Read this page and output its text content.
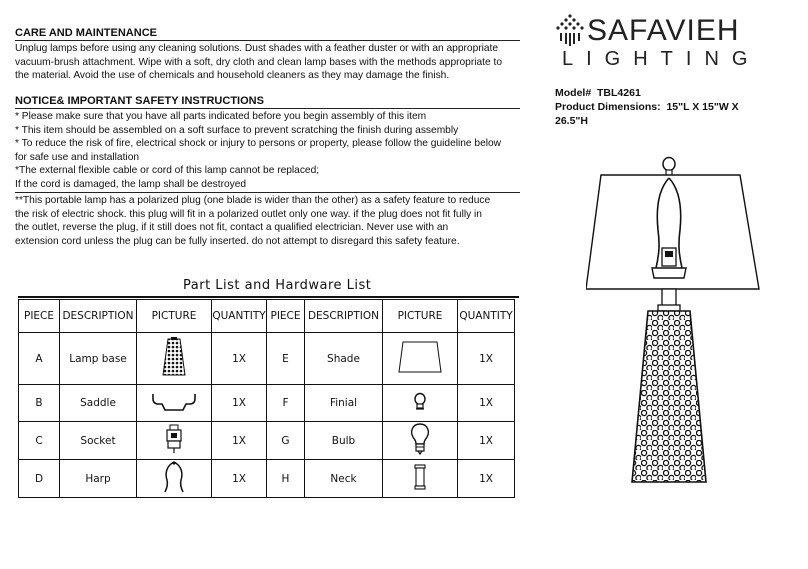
CARE AND MAINTENANCE
Unplug lamps before using any cleaning solutions. Dust shades with a feather duster or with an appropriate
vacuum-brush attachment. Wipe with a soft, dry cloth and clean lamp bases with the methods appropriate to
the material. Avoid the use of chemicals and household cleaners as they may damage the finish.
NOTICE& IMPORTANT SAFETY INSTRUCTIONS
* Please make sure that you have all parts indicated before you begin assembly of this item
* This item should be assembled on a soft surface to prevent scratching the finish during assembly
* To reduce the risk of fire, electrical shock or injury to persons or property, please follow the guideline below
for safe use and installation
*The external flexible cable or cord of this lamp cannot be replaced;
If the cord is damaged, the lamp shall be destroyed
**This portable lamp has a polarized plug (one blade is wider than the other) as a safety feature to reduce
the risk of electric shock. this plug will fit in a polarized outlet only one way. if the plug does not fit fully in
the outlet, reverse the plug, if it still does not fit, contact a qualified electrician. Never use with an
extension cord unless the plug can be fully inserted. do not attempt to disregard this safety feature.
Part List and Hardware List
PIECE	DESCRIPTION	PICTURE	QUANTITY	PIECE	DESCRIPTION	PICTURE	QUANTITY
A	Lamp base		1X	E	Shade		1X
B	Saddle		1X	F	Finial		1X
C	Socket		1X	G	Bulb		1X
D	Harp		1X	H	Neck		1X
SAFAVIEH
LIGHTING
Model# TBL4261
Product Dimensions: 15"L X 15"W X
26.5"H
